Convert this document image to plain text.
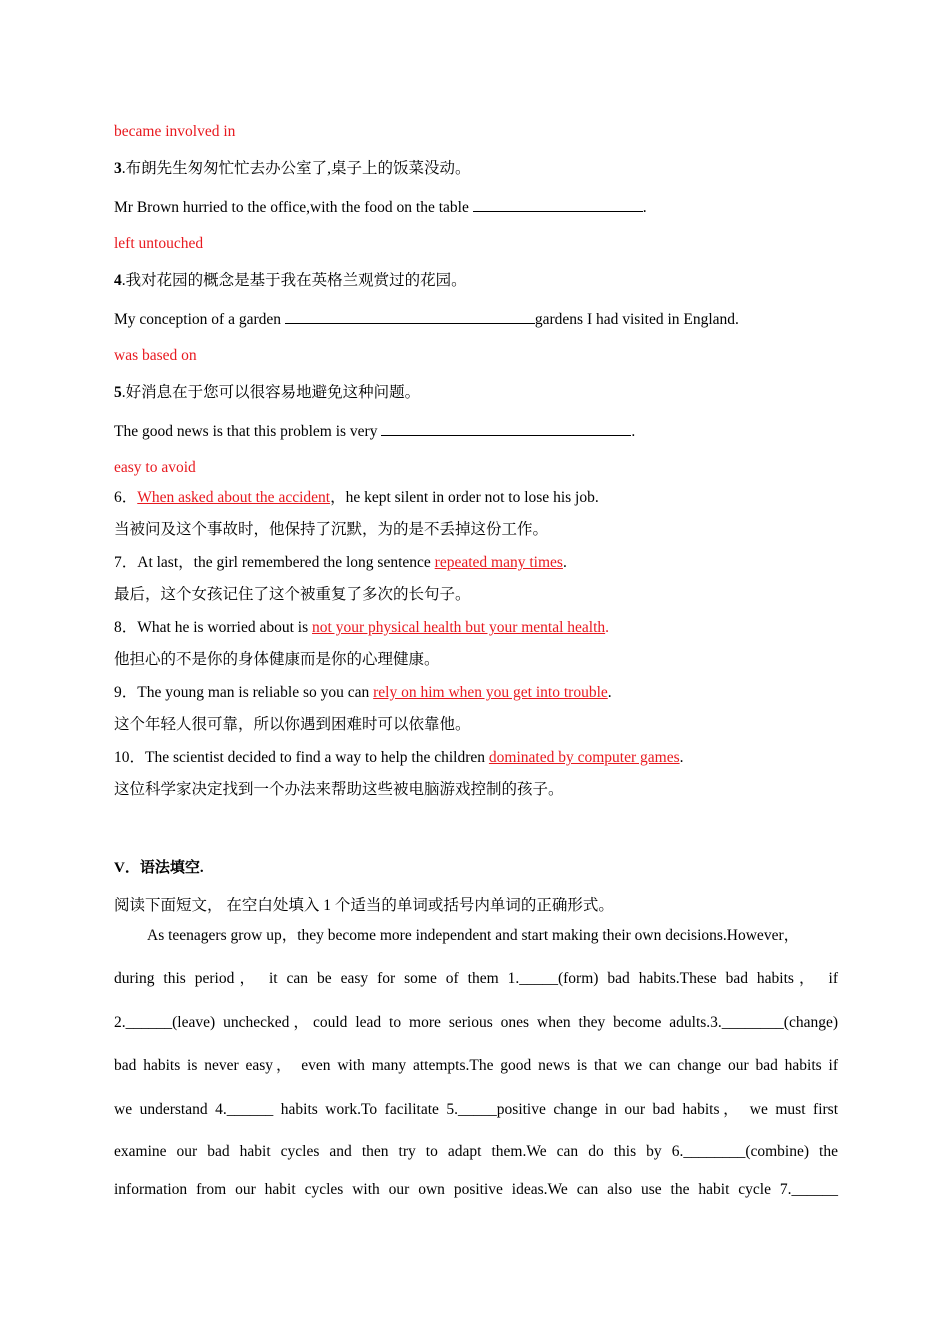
became involved in
3.布朗先生匆匆忙忙去办公室了,桌子上的饭菜没动。
Mr Brown hurried to the office,with the food on the table	.
left untouched
4.我对花园的概念是基于我在英格兰观赏过的花园。
My conception of a garden	gardens I had visited in England.
was based on
5.好消息在于您可以很容易地避免这种问题。
The good news is that this problem is very	.
easy to avoid
6．When asked about the accident，he kept silent in order not to lose his job.
当被问及这个事故时，他保持了沉默，为的是不丢掉这份工作。
7．At last，the girl remembered the long sentence repeated many times.
最后，这个女孩记住了这个被重复了多次的长句子。
8．What he is worried about is not your physical health but your mental health.
他担心的不是你的身体健康而是你的心理健康。
9．The young man is reliable so you can rely on him when you get into trouble.
这个年轻人很可靠，所以你遇到困难时可以依靠他。
10．The scientist decided to find a way to help the children dominated by computer games.
这位科学家决定找到一个办法来帮助这些被电脑游戏控制的孩子。
V．语法填空.
阅读下面短文， 在空白处填入 1 个适当的单词或括号内单词的正确形式。
As teenagers grow up，they become more independent and start making their own decisions.However，
during this period， it can be easy for some of them 1._____(form) bad habits.These bad habits， if
2.______(leave) unchecked，could lead to more serious ones when they become adults.3.________(change)
bad habits is never easy， even with many attempts.The good news is that we can change our bad habits if
we understand 4.______ habits work.To facilitate 5._____positive change in our bad habits， we must first
examine our bad habit cycles and then try to adapt them.We can do this by 6.________(combine) the
information from our habit cycles with our own positive ideas.We can also use the habit cycle 7.______
